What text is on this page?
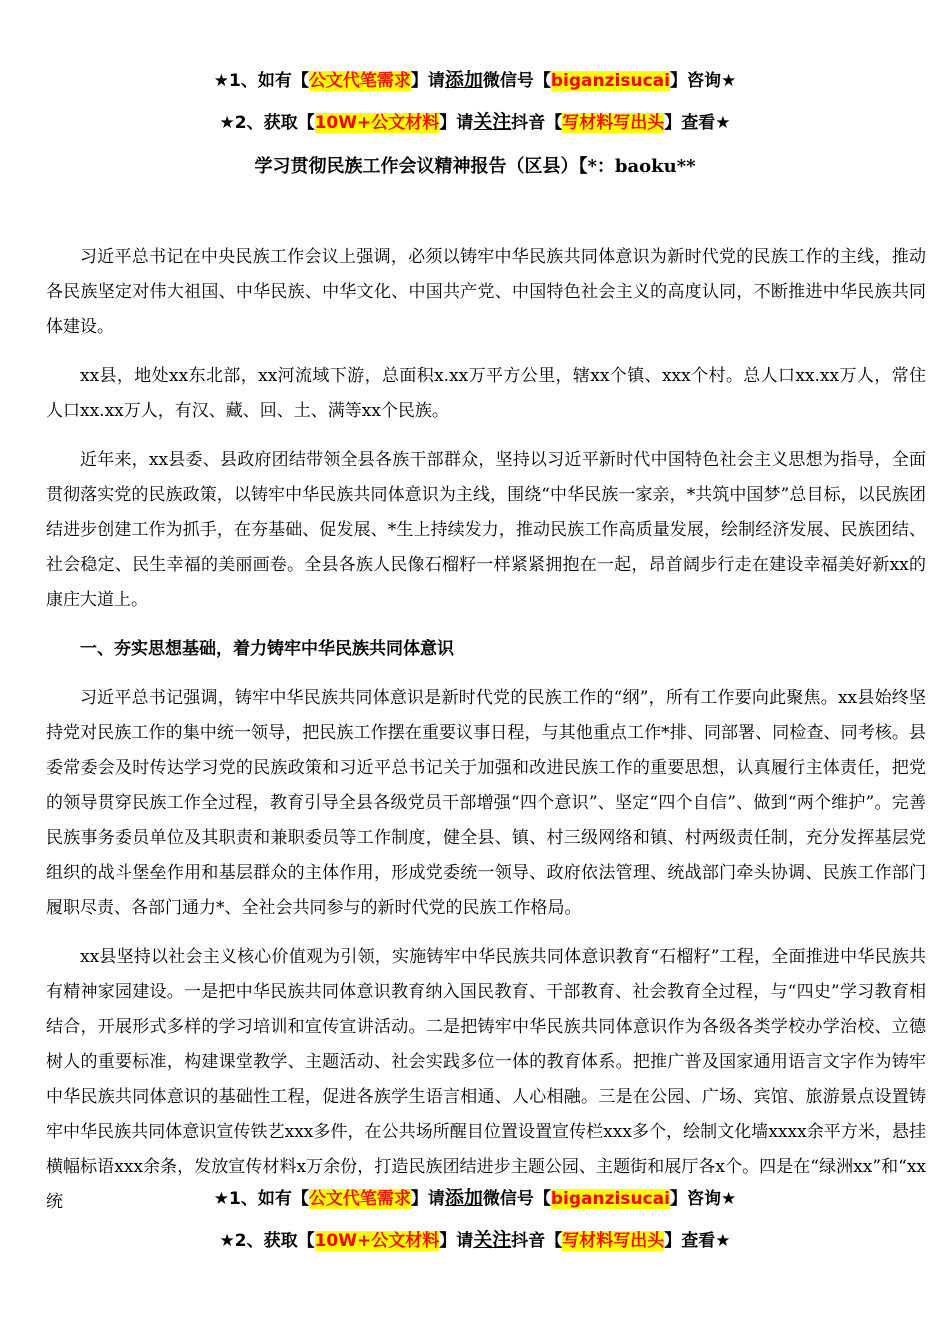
★1、如有【公文代笔需求】请添加微信号【biganzisucai】咨询★
★2、获取【10W+公文材料】请关注抖音【写材料写出头】查看★
学习贯彻民族工作会议精神报告（区县）【*：baoku**

习近平总书记在中央民族工作会议上强调，必须以铸牢中华民族共同体意识为新时代党的民族工作的主线，推动各民族坚定对伟大祖国、中华民族、中华文化、中国共产党、中国特色社会主义的高度认同，不断推进中华民族共同体建设。

xx县，地处xx东北部，xx河流域下游，总面积x.xx万平方公里，辖xx个镇、xxx个村。总人口xx.xx万人，常住人口xx.xx万人，有汉、藏、回、土、满等xx个民族。

近年来，xx县委、县政府团结带领全县各族干部群众，坚持以习近平新时代中国特色社会主义思想为指导，全面贯彻落实党的民族政策，以铸牢中华民族共同体意识为主线，围绕“中华民族一家亲，*共筑中国梦”总目标，以民族团结进步创建工作为抓手，在夯基础、促发展、*生上持续发力，推动民族工作高质量发展，绘制经济发展、民族团结、社会稳定、民生幸福的美丽画卷。全县各族人民像石榴籽一样紧紧拥抱在一起，昂首阔步行走在建设幸福美好新xx的康庄大道上。

一、夯实思想基础，着力铸牢中华民族共同体意识

习近平总书记强调，铸牢中华民族共同体意识是新时代党的民族工作的“纲”，所有工作要向此聚焦。xx县始终坚持党对民族工作的集中统一领导，把民族工作摆在重要议事日程，与其他重点工作*排、同部署、同检查、同考核。县委常委会及时传达学习党的民族政策和习近平总书记关于加强和改进民族工作的重要思想，认真履行主体责任，把党的领导贯穿民族工作全过程，教育引导全县各级党员干部增强“四个意识”、坚定“四个自信”、做到“两个维护”。完善民族事务委员单位及其职责和兼职委员等工作制度，健全县、镇、村三级网络和镇、村两级责任制，充分发挥基层党组织的战斗堡垒作用和基层群众的主体作用，形成党委统一领导、政府依法管理、统战部门牵头协调、民族工作部门履职尽责、各部门通力*、全社会共同参与的新时代党的民族工作格局。

xx县坚持以社会主义核心价值观为引领，实施铸牢中华民族共同体意识教育“石榴籽”工程，全面推进中华民族共有精神家园建设。一是把中华民族共同体意识教育纳入国民教育、干部教育、社会教育全过程，与“四史”学习教育相结合，开展形式多样的学习培训和宣传宣讲活动。二是把铸牢中华民族共同体意识作为各级各类学校办学治校、立德树人的重要标准，构建课堂教学、主题活动、社会实践多位一体的教育体系。把推广普及国家通用语言文字作为铸牢中华民族共同体意识的基础性工程，促进各族学生语言相通、人心相融。三是在公园、广场、宾馆、旅游景点设置铸牢中华民族共同体意识宣传铁艺xxx多件，在公共场所醒目位置设置宣传栏xxx多个，绘制文化墙xxxx余平方米，悬挂横幅标语xxx余条，发放宣传材料x万余份，打造民族团结进步主题公园、主题街和展厅各x个。四是在“绿洲xx”和“xx统	★1、如有【公文代笔需求】请添加微信号【biganzisucai】咨询★
★2、获取【10W+公文材料】请关注抖音【写材料写出头】查看★
